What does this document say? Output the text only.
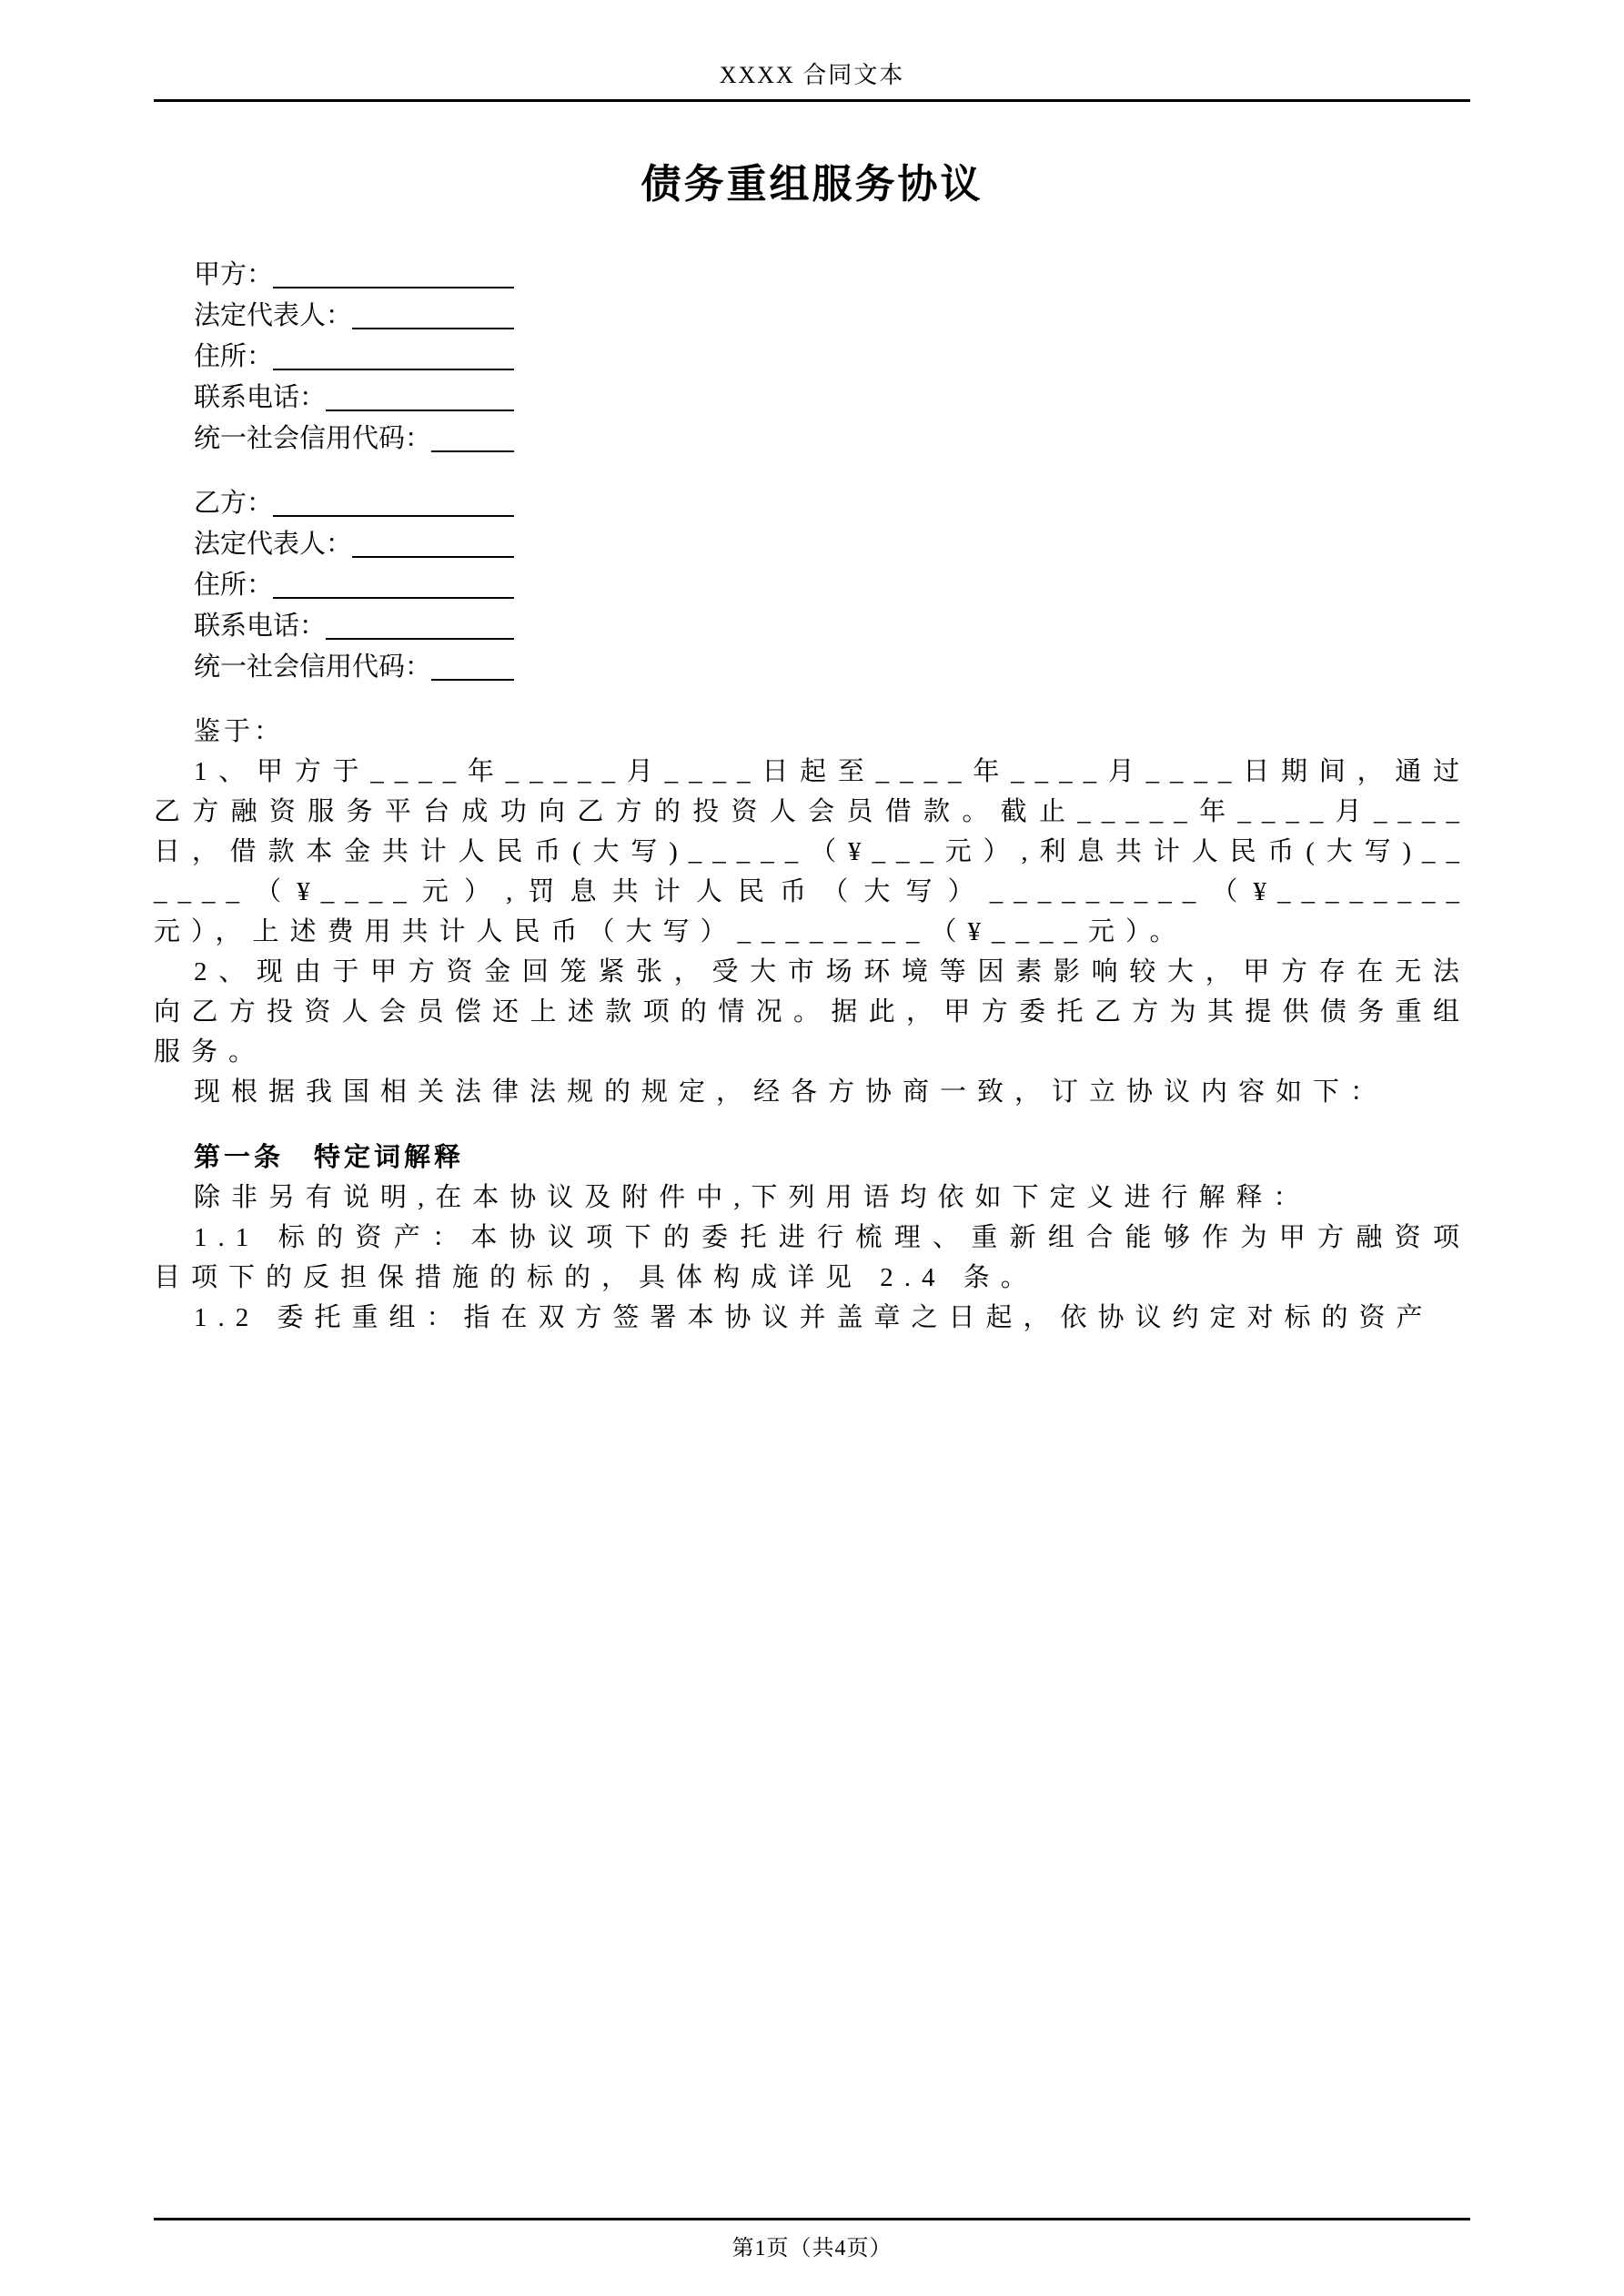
XXXX 合同文本
债务重组服务协议
甲方：
法定代表人：
住所：
联系电话：
统一社会信用代码：
乙方：
法定代表人：
住所：
联系电话：
统一社会信用代码：

鉴于：

1、甲方于____年_____月____日起至____年____月____日期间，通过乙方融资服务平台成功向乙方的投资人会员借款。截止_____年____月____日，借款本金共计人民币(大写)_____（¥___元）,利息共计人民币(大写)______（¥____元）,罚息共计人民币（大写）_________（¥________元），上述费用共计人民币（大写）________（¥____元）。

2、现由于甲方资金回笼紧张，受大市场环境等因素影响较大，甲方存在无法向乙方投资人会员偿还上述款项的情况。据此，甲方委托乙方为其提供债务重组服务。

现根据我国相关法律法规的规定，经各方协商一致，订立协议内容如下：

第一条　特定词解释

除非另有说明,在本协议及附件中,下列用语均依如下定义进行解释：

1.1 标的资产：本协议项下的委托进行梳理、重新组合能够作为甲方融资项目项下的反担保措施的标的，具体构成详见 2.4 条。

1.2 委托重组：指在双方签署本协议并盖章之日起，依协议约定对标的资产

第1页（共4页）
